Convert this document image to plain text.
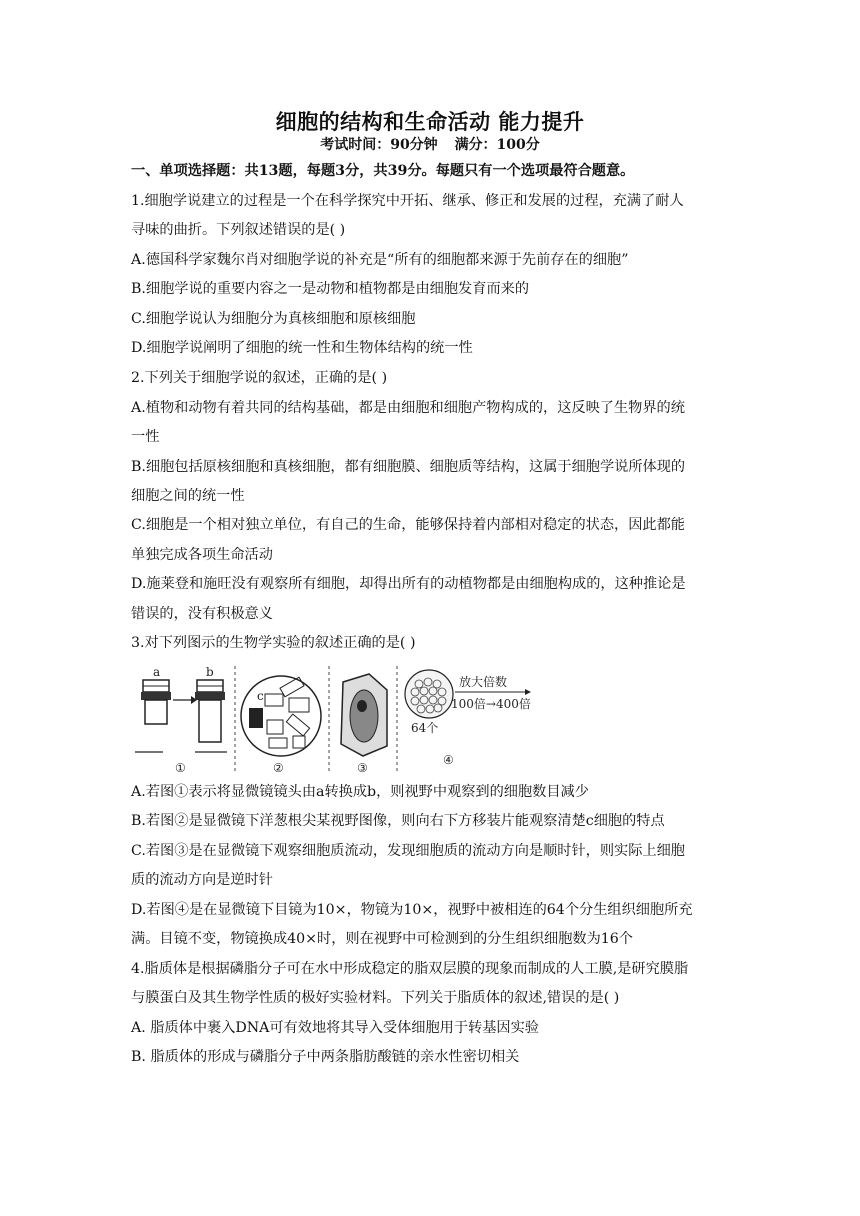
细胞的结构和生命活动 能力提升
考试时间：90分钟 满分：100分
一、单项选择题：共13题，每题3分，共39分。每题只有一个选项最符合题意。
1.细胞学说建立的过程是一个在科学探究中开拓、继承、修正和发展的过程，充满了耐人
寻味的曲折。下列叙述错误的是( )
A.德国科学家魏尔肖对细胞学说的补充是“所有的细胞都来源于先前存在的细胞”
B.细胞学说的重要内容之一是动物和植物都是由细胞发育而来的
C.细胞学说认为细胞分为真核细胞和原核细胞
D.细胞学说阐明了细胞的统一性和生物体结构的统一性
2.下列关于细胞学说的叙述，正确的是( )
A.植物和动物有着共同的结构基础，都是由细胞和细胞产物构成的，这反映了生物界的统
一性
B.细胞包括原核细胞和真核细胞，都有细胞膜、细胞质等结构，这属于细胞学说所体现的
细胞之间的统一性
C.细胞是一个相对独立单位，有自己的生命，能够保持着内部相对稳定的状态，因此都能
单独完成各项生命活动
D.施莱登和施旺没有观察所有细胞，却得出所有的动植物都是由细胞构成的，这种推论是
错误的，没有积极意义
3.对下列图示的生物学实验的叙述正确的是( )
a	b
①
c
②	③
放大倍数
100倍→400倍
64个
④
A.若图①表示将显微镜镜头由a转换成b，则视野中观察到的细胞数目减少
B.若图②是显微镜下洋葱根尖某视野图像，则向右下方移装片能观察清楚c细胞的特点
C.若图③是在显微镜下观察细胞质流动，发现细胞质的流动方向是顺时针，则实际上细胞
质的流动方向是逆时针
D.若图④是在显微镜下目镜为10×，物镜为10×，视野中被相连的64个分生组织细胞所充
满。目镜不变，物镜换成40×时，则在视野中可检测到的分生组织细胞数为16个
4.脂质体是根据磷脂分子可在水中形成稳定的脂双层膜的现象而制成的人工膜,是研究膜脂
与膜蛋白及其生物学性质的极好实验材料。下列关于脂质体的叙述,错误的是( )
A. 脂质体中裹入DNA可有效地将其导入受体细胞用于转基因实验
B. 脂质体的形成与磷脂分子中两条脂肪酸链的亲水性密切相关
